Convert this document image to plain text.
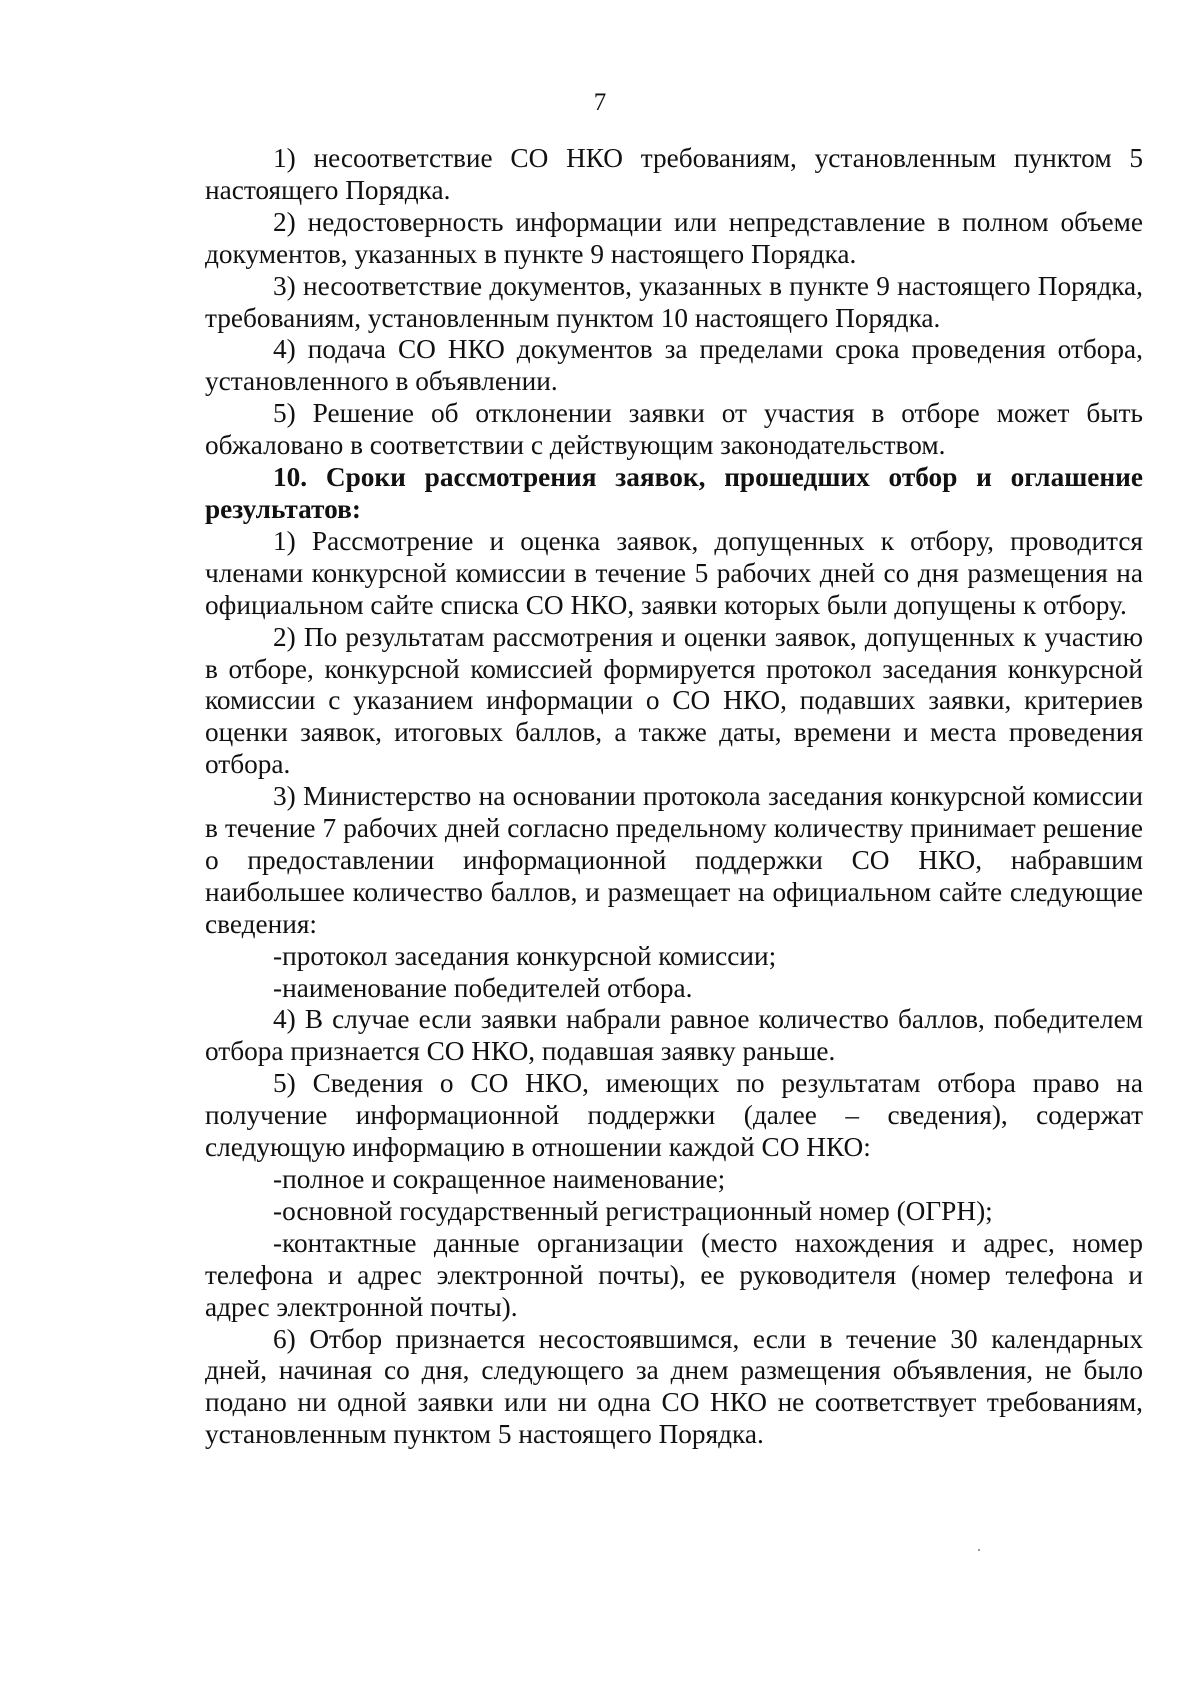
7

1) несоответствие СО НКО требованиям, установленным пунктом 5 настоящего Порядка.

2) недостоверность информации или непредставление в полном объеме документов, указанных в пункте 9 настоящего Порядка.

3) несоответствие документов, указанных в пункте 9 настоящего Порядка, требованиям, установленным пунктом 10 настоящего Порядка.

4) подача СО НКО документов за пределами срока проведения отбора, установленного в объявлении.

5) Решение об отклонении заявки от участия в отборе может быть обжаловано в соответствии с действующим законодательством.

10. Сроки рассмотрения заявок, прошедших отбор и оглашение результатов:

1) Рассмотрение и оценка заявок, допущенных к отбору, проводится членами конкурсной комиссии в течение 5 рабочих дней со дня размещения на официальном сайте списка СО НКО, заявки которых были допущены к отбору.

2) По результатам рассмотрения и оценки заявок, допущенных к участию в отборе, конкурсной комиссией формируется протокол заседания конкурсной комиссии с указанием информации о СО НКО, подавших заявки, критериев оценки заявок, итоговых баллов, а также даты, времени и места проведения отбора.

3) Министерство на основании протокола заседания конкурсной комиссии в течение 7 рабочих дней согласно предельному количеству принимает решение о предоставлении информационной поддержки СО НКО, набравшим наибольшее количество баллов, и размещает на официальном сайте следующие сведения:

-протокол заседания конкурсной комиссии;

-наименование победителей отбора.

4) В случае если заявки набрали равное количество баллов, победителем отбора признается СО НКО, подавшая заявку раньше.

5) Сведения о СО НКО, имеющих по результатам отбора право на получение информационной поддержки (далее – сведения), содержат следующую информацию в отношении каждой СО НКО:

-полное и сокращенное наименование;

-основной государственный регистрационный номер (ОГРН);

-контактные данные организации (место нахождения и адрес, номер телефона и адрес электронной почты), ее руководителя (номер телефона и адрес электронной почты).

6) Отбор признается несостоявшимся, если в течение 30 календарных дней, начиная со дня, следующего за днем размещения объявления, не было подано ни одной заявки или ни одна СО НКО не соответствует требованиям, установленным пунктом 5 настоящего Порядка.
